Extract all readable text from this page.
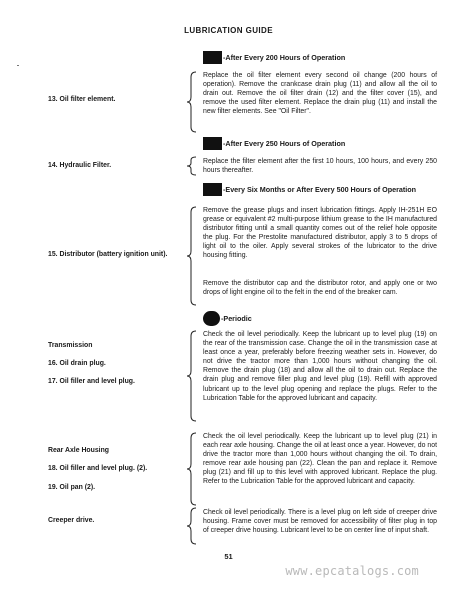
LUBRICATION GUIDE
-After Every 200 Hours of Operation
13. Oil filter element.

Replace the oil filter element every second oil change (200 hours of operation). Remove the crankcase drain plug (11) and allow all the oil to drain out. Remove the oil filter drain (12) and the filter cover (15), and remove the used filter element. Replace the drain plug (11) and install the new filter elements. See "Oil Filter".

-After Every 250 Hours of Operation
14. Hydraulic Filter.

Replace the filter element after the first 10 hours, 100 hours, and every 250 hours thereafter.

-Every Six Months or After Every 500 Hours of Operation
15. Distributor (battery ignition unit).

Remove the grease plugs and insert lubrication fittings. Apply IH-251H EO grease or equivalent #2 multi-purpose lithium grease to the IH manufactured distributor fitting until a small quantity comes out of the relief hole opposite the plug. For the Prestolite manufactured distributor, apply 3 to 5 drops of light oil to the oiler. Apply several strokes of the lubricator to the drive housing fitting.

Remove the distributor cap and the distributor rotor, and apply one or two drops of light engine oil to the felt in the end of the breaker cam.

-Periodic
Transmission
16. Oil drain plug.
17. Oil filler and level plug.

Check the oil level periodically. Keep the lubricant up to level plug (19) on the rear of the transmission case. Change the oil in the transmission case at least once a year, preferably before freezing weather sets in. However, do not drive the tractor more than 1,000 hours without changing the oil. Remove the drain plug (18) and allow all the oil to drain out. Replace the drain plug and remove filler plug and level plug (19). Refill with approved lubricant up to the level plug opening and replace the plugs. Refer to the Lubrication Table for the approved lubricant and capacity.

Rear Axle Housing
18. Oil filler and level plug. (2).
19. Oil pan (2).

Check the oil level periodically. Keep the lubricant up to level plug (21) in each rear axle housing. Change the oil at least once a year. However, do not drive the tractor more than 1,000 hours without changing the oil. To drain, remove rear axle housing pan (22). Clean the pan and replace it. Remove plug (21) and fill up to this level with approved lubricant. Replace the plug. Refer to the Lubrication Table for the approved lubricant and capacity.

Creeper drive.

Check oil level periodically. There is a level plug on left side of creeper drive housing. Frame cover must be removed for accessibility of filter plug in top of creeper drive housing. Lubricant level to be on center line of input shaft.

51
www.epcatalogs.com
